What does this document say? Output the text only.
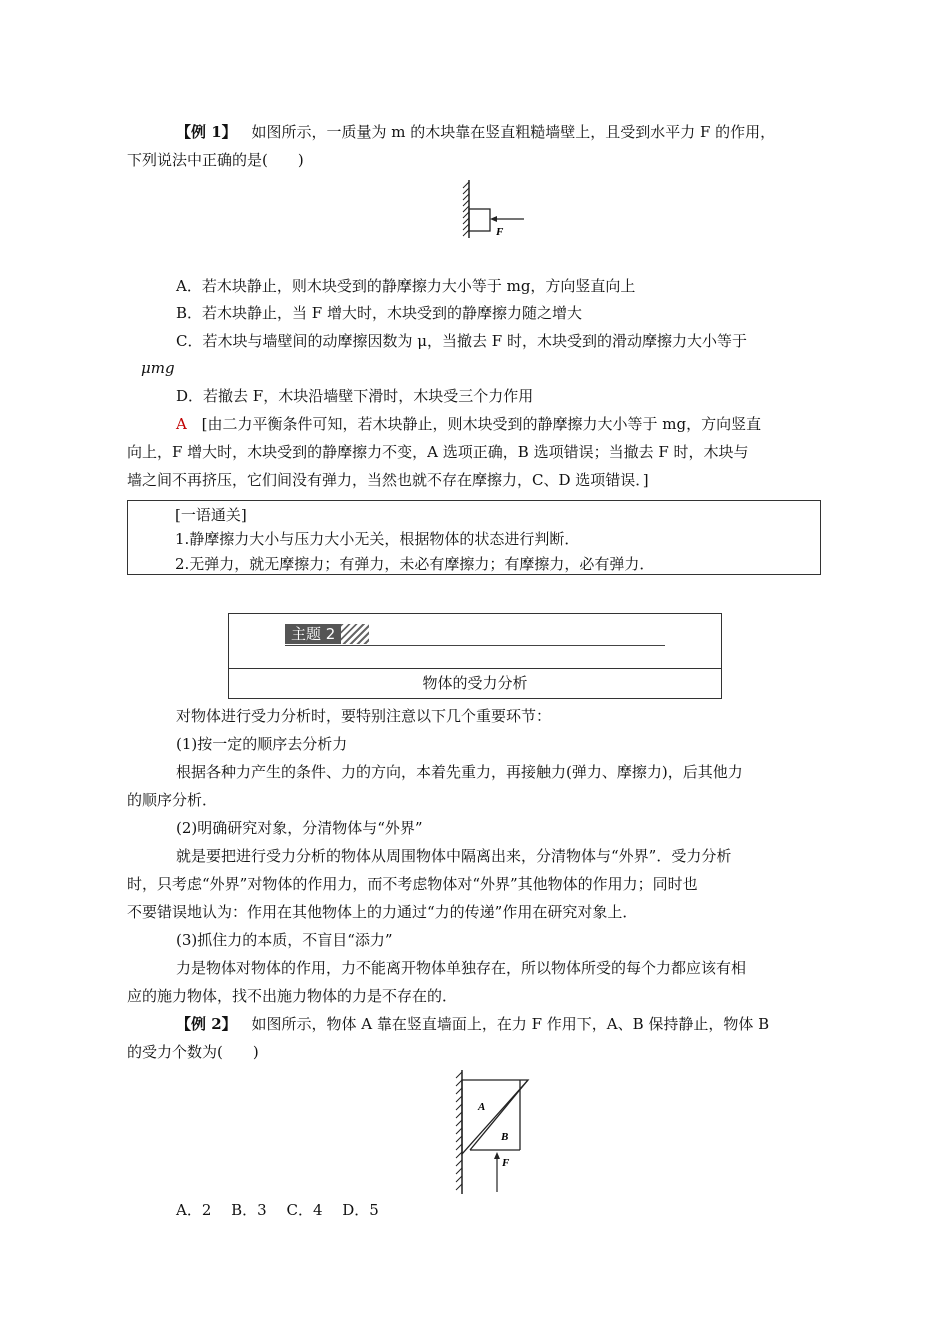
【例 1】 如图所示，一质量为 m 的木块靠在竖直粗糙墙壁上，且受到水平力 F 的作用，
下列说法中正确的是(　　)
F
A．若木块静止，则木块受到的静摩擦力大小等于 mg，方向竖直向上
B．若木块静止，当 F 增大时，木块受到的静摩擦力随之增大
C．若木块与墙壁间的动摩擦因数为 μ，当撤去 F 时，木块受到的滑动摩擦力大小等于
μmg
D．若撤去 F，木块沿墙壁下滑时，木块受三个力作用
A [由二力平衡条件可知，若木块静止，则木块受到的静摩擦力大小等于 mg，方向竖直
向上，F 增大时，木块受到的静摩擦力不变，A 选项正确，B 选项错误；当撤去 F 时，木块与
墙之间不再挤压，它们间没有弹力，当然也就不存在摩擦力，C、D 选项错误．]
[一语通关]
1.静摩擦力大小与压力大小无关，根据物体的状态进行判断．
2.无弹力，就无摩擦力；有弹力，未必有摩擦力；有摩擦力，必有弹力．
主题 2
物体的受力分析
对物体进行受力分析时，要特别注意以下几个重要环节：
(1)按一定的顺序去分析力
根据各种力产生的条件、力的方向，本着先重力，再接触力(弹力、摩擦力)，后其他力
的顺序分析．
(2)明确研究对象，分清物体与“外界”
就是要把进行受力分析的物体从周围物体中隔离出来，分清物体与“外界”．受力分析
时，只考虑“外界”对物体的作用力，而不考虑物体对“外界”其他物体的作用力；同时也
不要错误地认为：作用在其他物体上的力通过“力的传递”作用在研究对象上．
(3)抓住力的本质，不盲目“添力”
力是物体对物体的作用，力不能离开物体单独存在，所以物体所受的每个力都应该有相
应的施力物体，找不出施力物体的力是不存在的．
【例 2】 如图所示，物体 A 靠在竖直墙面上，在力 F 作用下，A、B 保持静止，物体 B
的受力个数为(　　)
A
B
F
A．2　 B．3　 C．4　 D．5
